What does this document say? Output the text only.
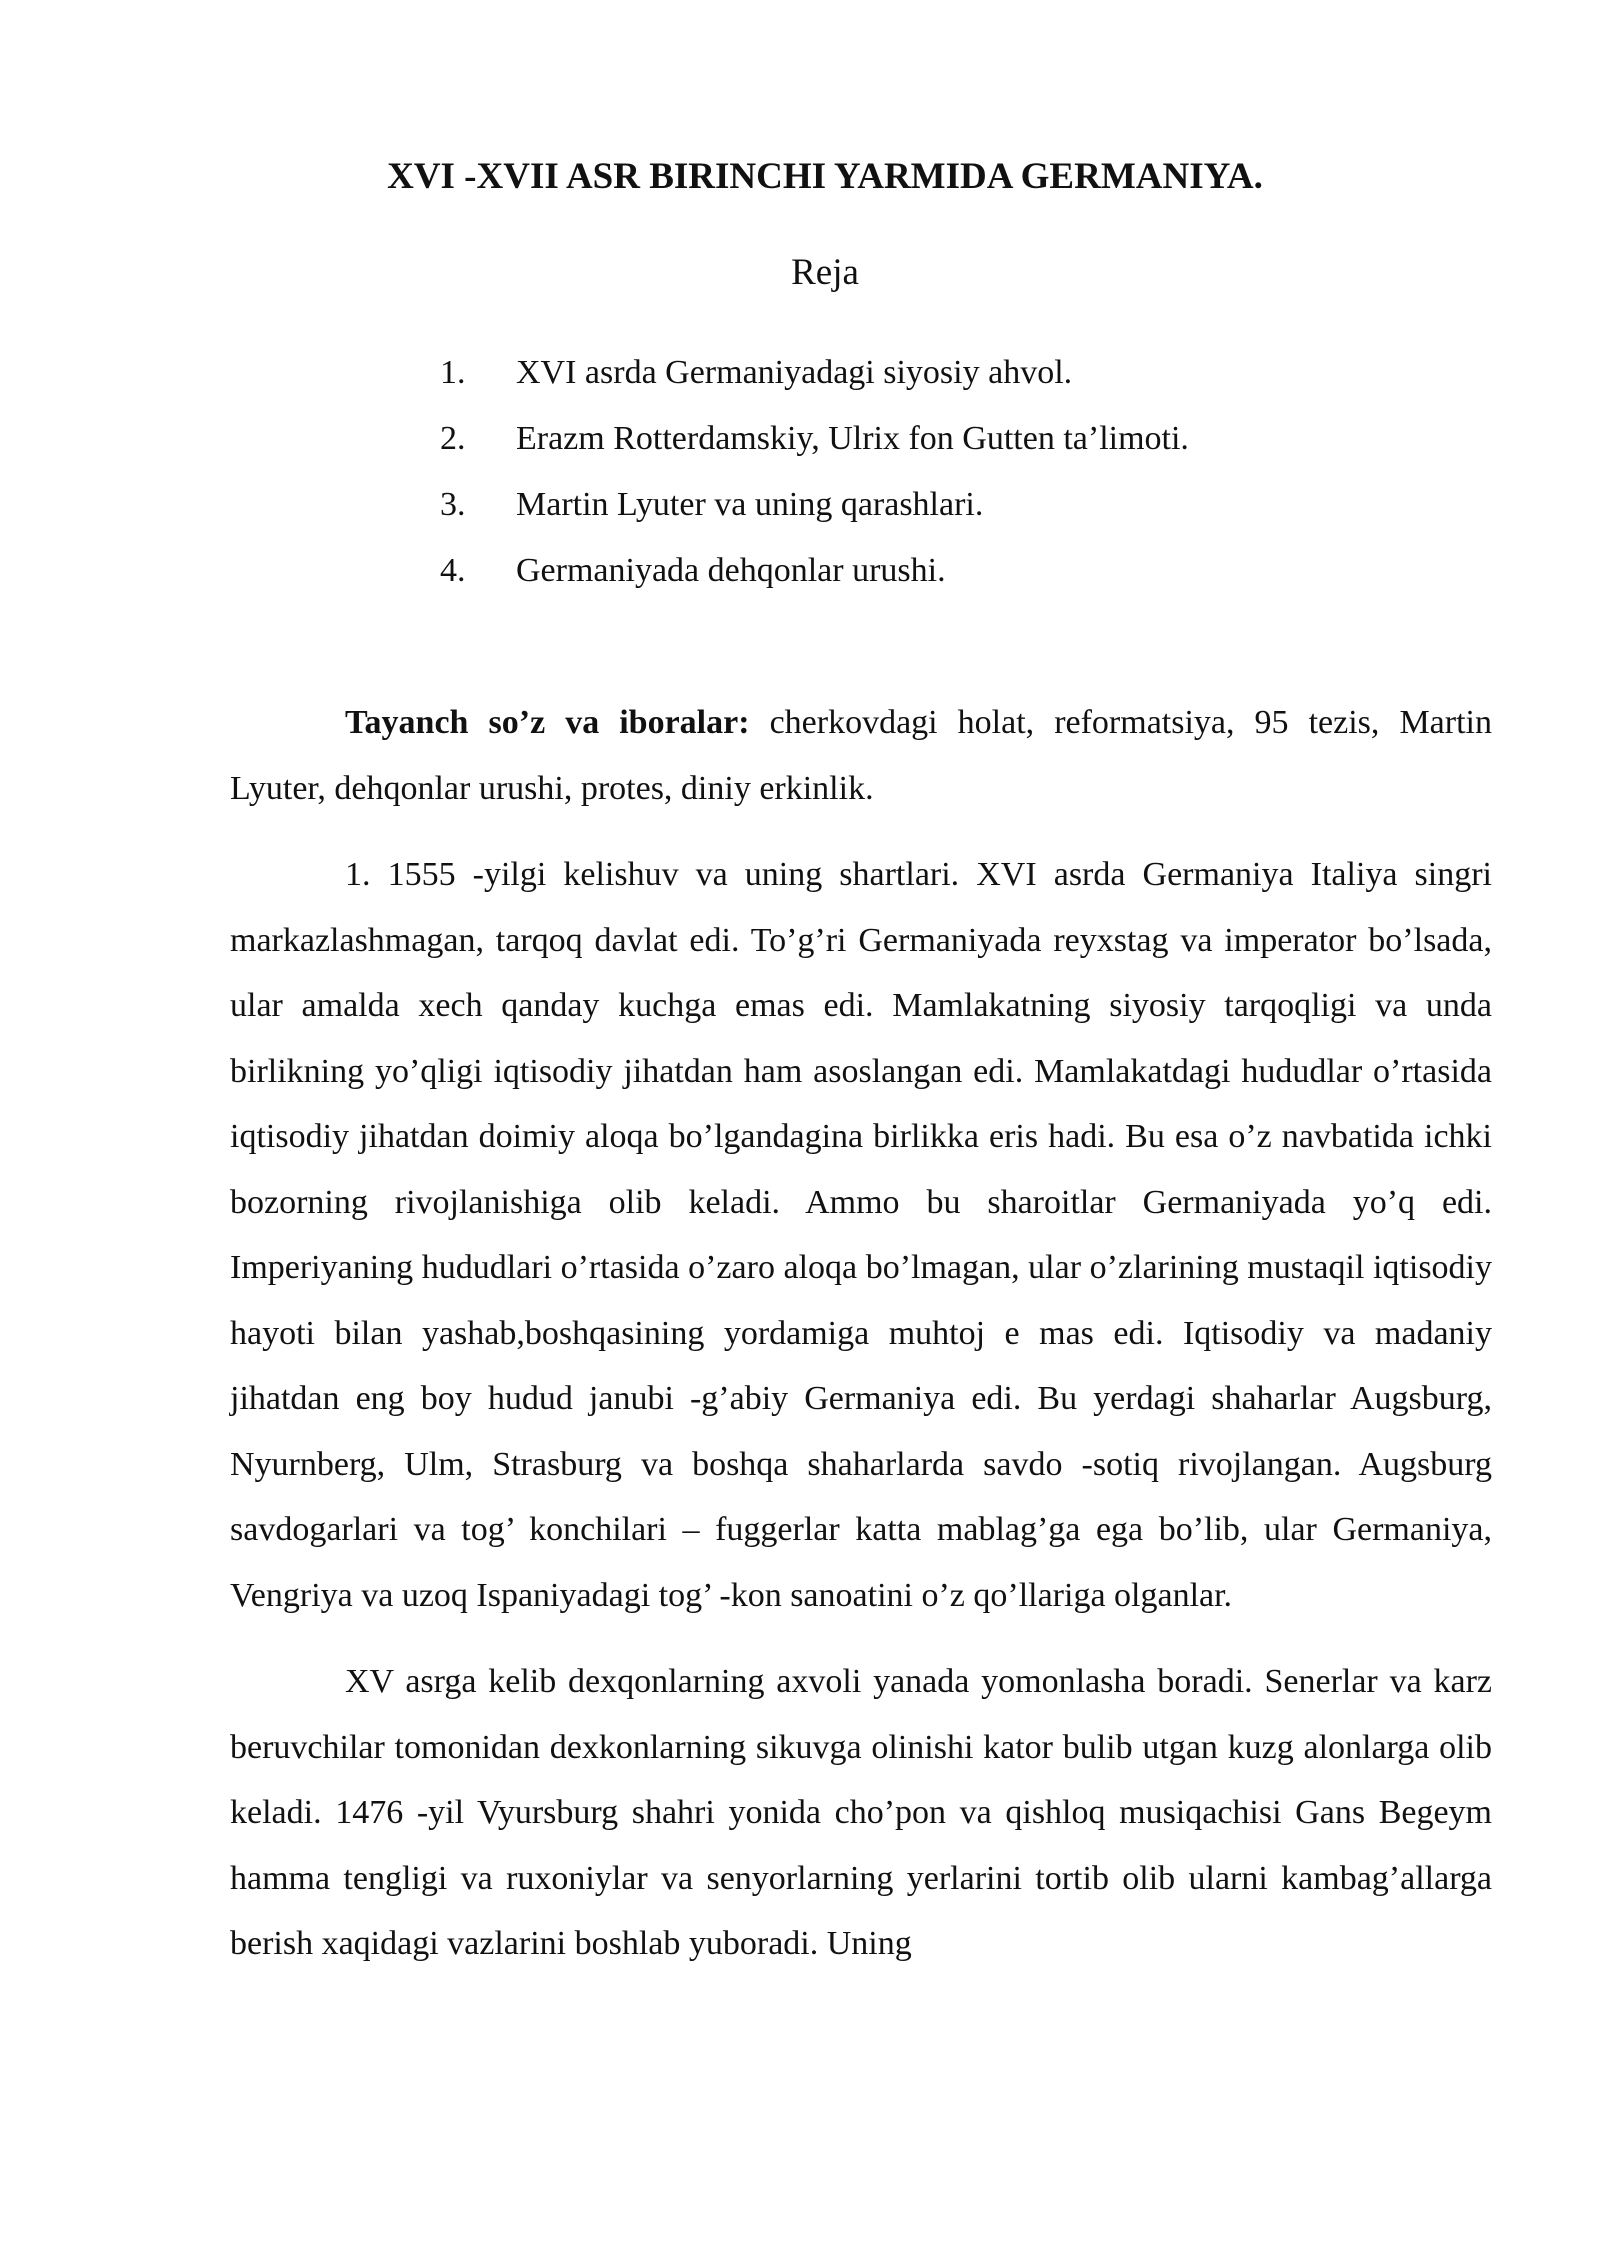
XVI -XVII ASR BIRINCHI YARMIDA GERMANIYA.
Reja
1.	XVI asrda Germaniyadagi siyosiy ahvol.
2.	Erazm Rotterdamskiy, Ulrix fon Gutten ta’limoti.
3.	Martin Lyuter va uning qarashlari.
4.	Germaniyada dehqonlar urushi.

Tayanch so’z va iboralar: cherkovdagi holat, reformatsiya, 95 tezis, Martin Lyuter, dehqonlar urushi, protes, diniy erkinlik.

1. 1555 -yilgi kelishuv va uning shartlari. XVI asrda Germaniya Italiya singri markazlashmagan, tarqoq davlat edi. To’g’ri Germaniyada reyxstag va imperator bo’lsada, ular amalda xech qanday kuchga emas edi. Mamlakatning siyosiy tarqoqligi va unda birlikning yo’qligi iqtisodiy jihatdan ham asoslangan edi. Mamlakatdagi hududlar o’rtasida iqtisodiy jihatdan doimiy aloqa bo’lgandagina birlikka eris hadi. Bu esa o’z navbatida ichki bozorning rivojlanishiga olib keladi. Ammo bu sharoitlar Germaniyada yo’q edi. Imperiyaning hududlari o’rtasida o’zaro aloqa bo’lmagan, ular o’zlarining mustaqil iqtisodiy hayoti bilan yashab,boshqasining yordamiga muhtoj e mas edi. Iqtisodiy va madaniy jihatdan eng boy hudud janubi -g’abiy Germaniya edi. Bu yerdagi shaharlar Augsburg, Nyurnberg, Ulm, Strasburg va boshqa shaharlarda savdo -sotiq rivojlangan. Augsburg savdogarlari va tog’ konchilari – fuggerlar katta mablag’ga ega bo’lib, ular Germaniya, Vengriya va uzoq Ispaniyadagi tog’ -kon sanoatini o’z qo’llariga olganlar.

XV asrga kelib dexqonlarning axvoli yanada yomonlasha boradi. Senerlar va karz beruvchilar tomonidan dexkonlarning sikuvga olinishi kator bulib utgan kuzg alonlarga olib keladi. 1476 -yil Vyursburg shahri yonida cho’pon va qishloq musiqachisi Gans Begeym hamma tengligi va ruxoniylar va senyorlarning yerlarini tortib olib ularni kambag’allarga berish xaqidagi vazlarini boshlab yuboradi. Uning
